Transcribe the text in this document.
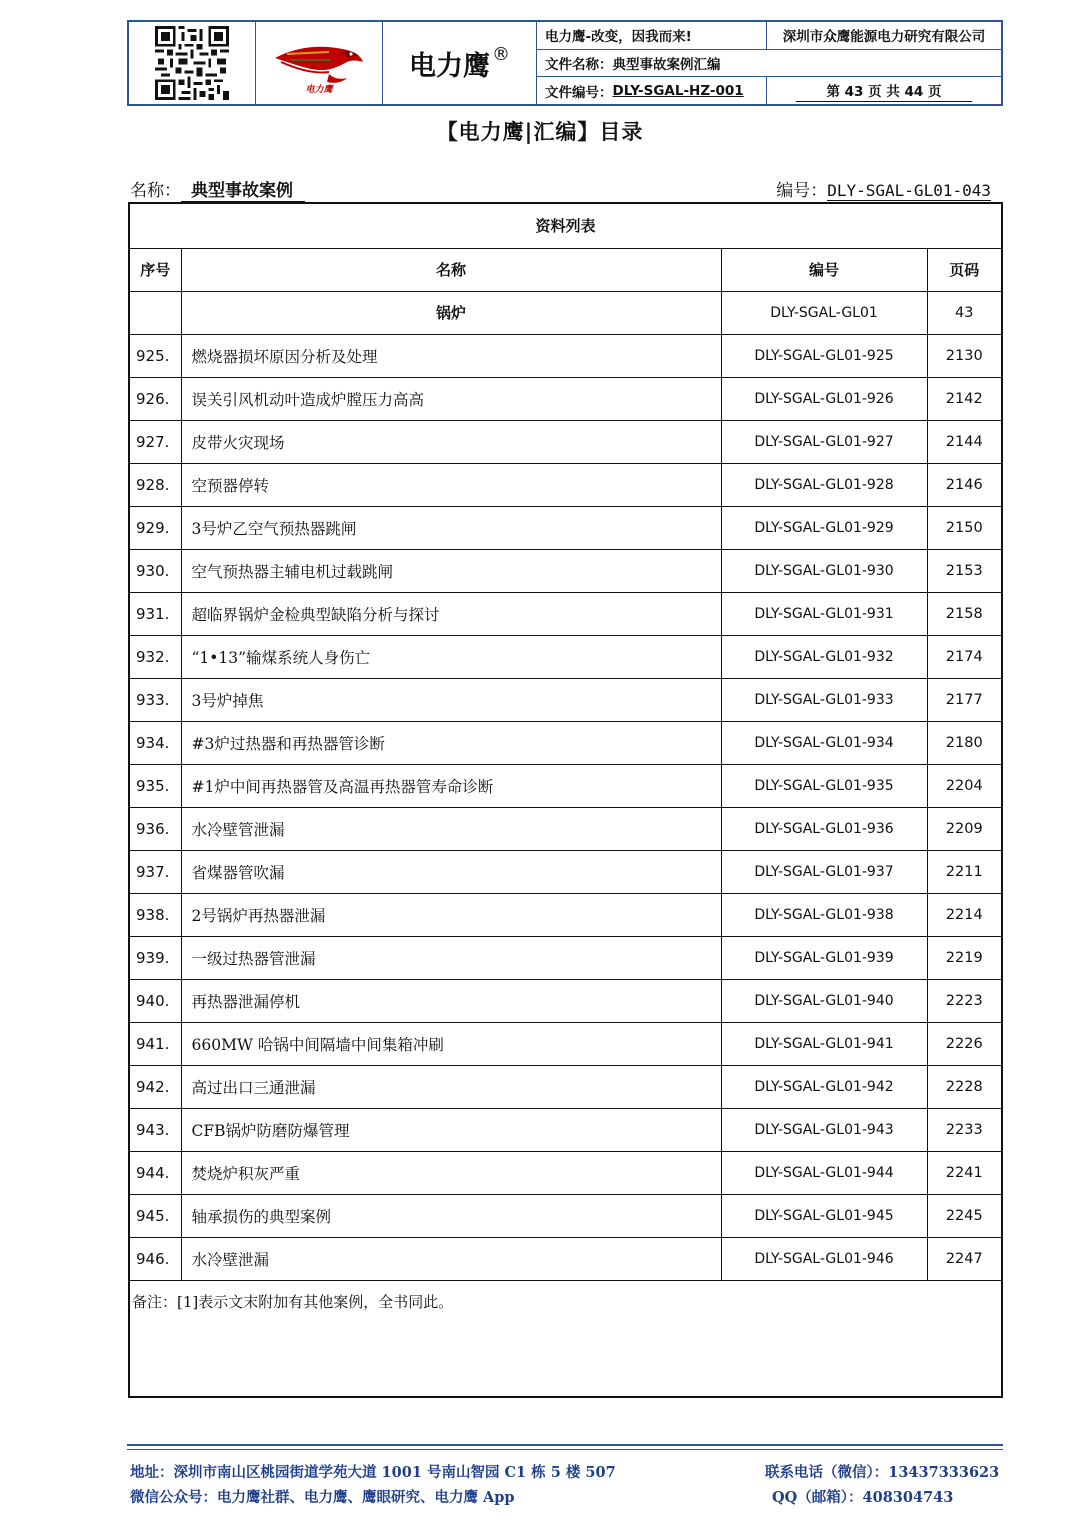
电力鹰
电力鹰 ®
电力鹰-改变，因我而来!	深圳市众鹰能源电力研究有限公司
文件名称： 典型事故案例汇编
文件编号： DLY-SGAL-HZ-001	第 43 页 共 44 页
【电力鹰|汇编】目录
名称： 典型事故案例	编号：DLY-SGAL-GL01-043
资料列表			
序号	名称	编号	页码
	锅炉	DLY-SGAL-GL01	43
925.	燃烧器损坏原因分析及处理	DLY-SGAL-GL01-925	2130
926.	误关引风机动叶造成炉膛压力高高	DLY-SGAL-GL01-926	2142
927.	皮带火灾现场	DLY-SGAL-GL01-927	2144
928.	空预器停转	DLY-SGAL-GL01-928	2146
929.	3号炉乙空气预热器跳闸	DLY-SGAL-GL01-929	2150
930.	空气预热器主辅电机过载跳闸	DLY-SGAL-GL01-930	2153
931.	超临界锅炉金检典型缺陷分析与探讨	DLY-SGAL-GL01-931	2158
932.	“1•13”输煤系统人身伤亡	DLY-SGAL-GL01-932	2174
933.	3号炉掉焦	DLY-SGAL-GL01-933	2177
934.	#3炉过热器和再热器管诊断	DLY-SGAL-GL01-934	2180
935.	#1炉中间再热器管及高温再热器管寿命诊断	DLY-SGAL-GL01-935	2204
936.	水冷壁管泄漏	DLY-SGAL-GL01-936	2209
937.	省煤器管吹漏	DLY-SGAL-GL01-937	2211
938.	2号锅炉再热器泄漏	DLY-SGAL-GL01-938	2214
939.	一级过热器管泄漏	DLY-SGAL-GL01-939	2219
940.	再热器泄漏停机	DLY-SGAL-GL01-940	2223
941.	660MW 哈锅中间隔墙中间集箱冲刷	DLY-SGAL-GL01-941	2226
942.	高过出口三通泄漏	DLY-SGAL-GL01-942	2228
943.	CFB锅炉防磨防爆管理	DLY-SGAL-GL01-943	2233
944.	焚烧炉积灰严重	DLY-SGAL-GL01-944	2241
945.	轴承损伤的典型案例	DLY-SGAL-GL01-945	2245
946.	水冷壁泄漏	DLY-SGAL-GL01-946	2247
备注：[1]表示文末附加有其他案例，全书同此。
地址：深圳市南山区桃园街道学苑大道 1001 号南山智园 C1 栋 5 楼 507
微信公众号：电力鹰社群、电力鹰、鹰眼研究、电力鹰 App
联系电话（微信）：13437333623
QQ（邮箱）：408304743
